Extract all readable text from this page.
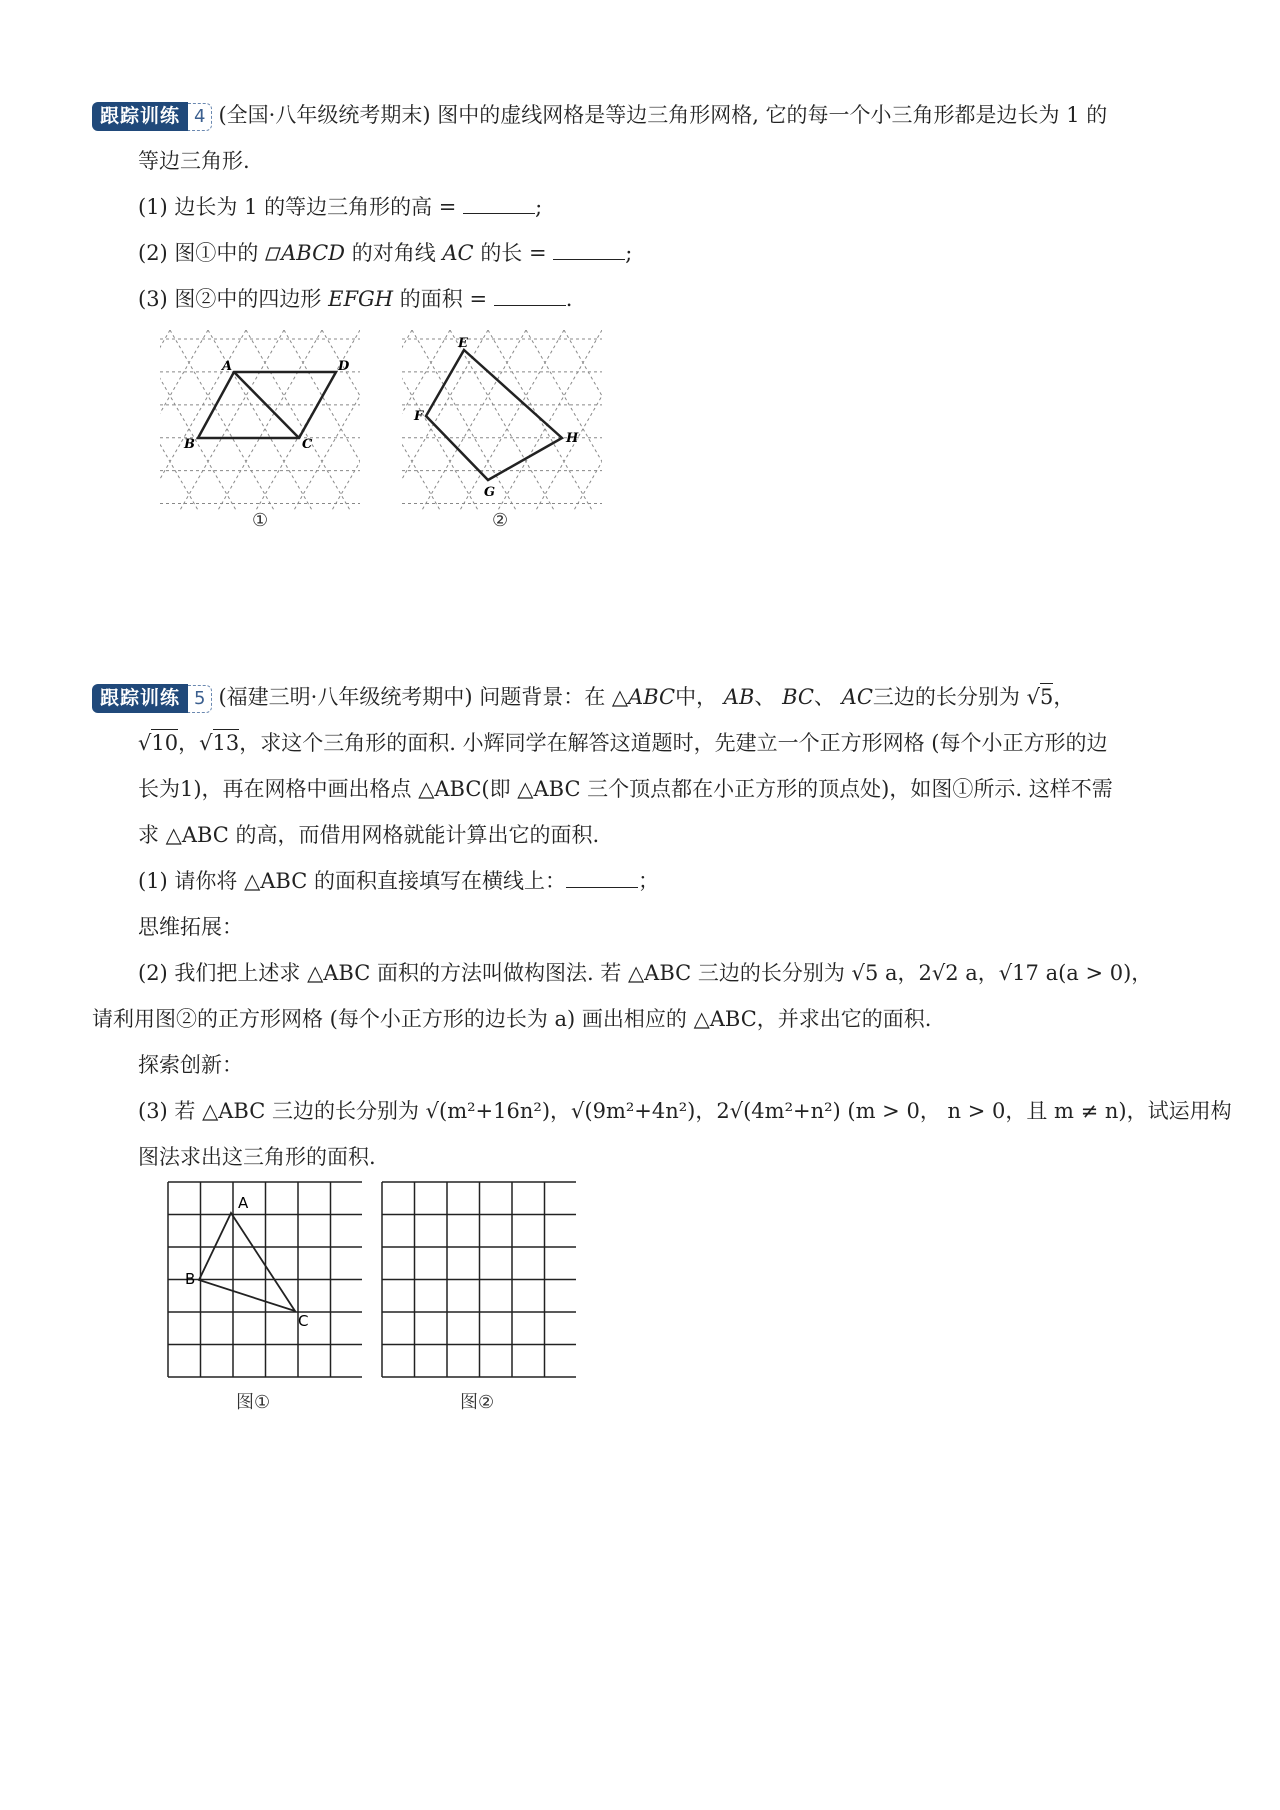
跟踪训练 4 (全国·八年级统考期末) 图中的虚线网格是等边三角形网格, 它的每一个小三角形都是边长为 1 的
等边三角形.
(1) 边长为 1 的等边三角形的高 =	;
(2) 图①中的 ABCD 的对角线 AC 的长 =	;
(3) 图②中的四边形 EFGH 的面积 =	.
A	D
B	C
①
E
F
H
G
②
跟踪训练 5 (福建三明·八年级统考期中) 问题背景：在 △ABC中， AB、 BC、 AC三边的长分别为 √5，
√10，√13，求这个三角形的面积. 小辉同学在解答这道题时，先建立一个正方形网格 (每个小正方形的边
长为1)，再在网格中画出格点 △ABC(即 △ABC 三个顶点都在小正方形的顶点处)，如图①所示. 这样不需
求 △ABC 的高，而借用网格就能计算出它的面积.
(1) 请你将 △ABC 的面积直接填写在横线上：	；
思维拓展：
(2) 我们把上述求 △ABC 面积的方法叫做构图法. 若 △ABC 三边的长分别为 √5 a，2√2 a，√17 a(a > 0)，
请利用图②的正方形网格 (每个小正方形的边长为 a) 画出相应的 △ABC，并求出它的面积.
探索创新：
(3) 若 △ABC 三边的长分别为 √(m²+16n²)，√(9m²+4n²)，2√(4m²+n²) (m > 0， n > 0，且 m ≠ n)，试运用构
图法求出这三角形的面积.
A
B
C
图①	图②
